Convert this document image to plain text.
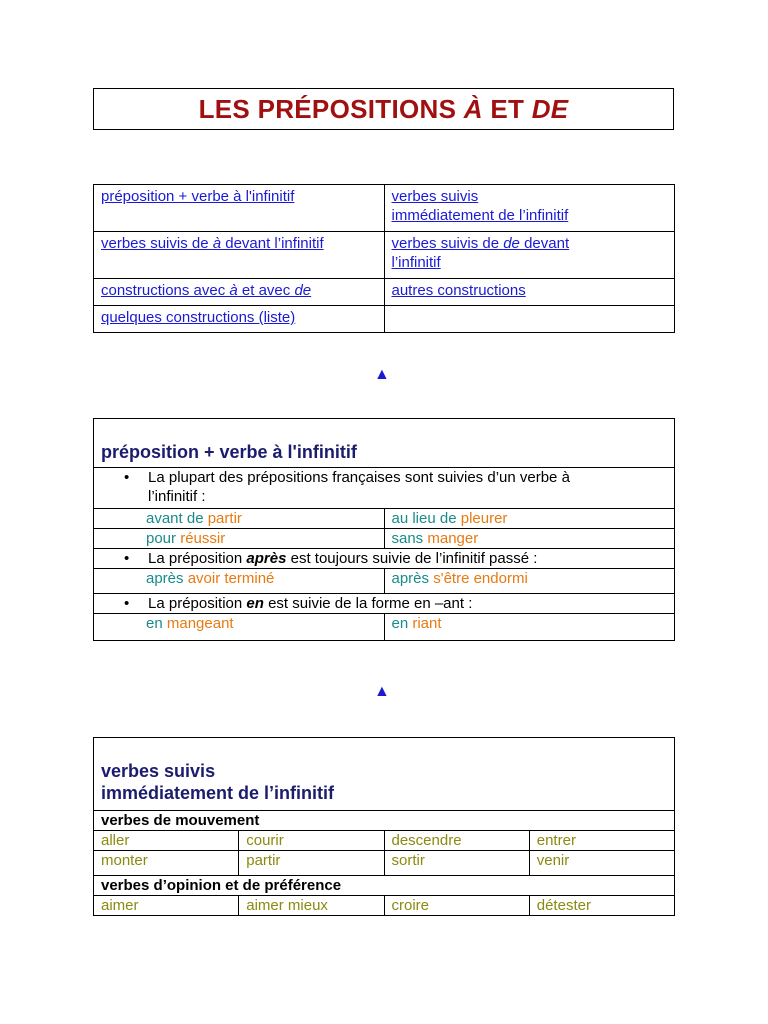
LES PRÉPOSITIONS À ET DE
préposition + verbe à l'infinitif	verbes suivis
immédiatement de l’infinitif
verbes suivis de à devant l’infinitif	verbes suivis de de devant
l’infinitif
constructions avec à et avec de	autres constructions
quelques constructions (liste)	
▲
préposition + verbe à l'infinitif	

• La plupart des prépositions françaises sont suivies d’un verbe à
l’infinitif :	

avant de partir	au lieu de pleurer
pour réussir	sans manger

• La préposition après est toujours suivie de l’infinitif passé :	

après avoir terminé	après s'être endormi

• La préposition en est suivie de la forme en –ant :	

en mangeant	en riant
▲
verbes suivis
immédiatement de l’infinitif			
verbes de mouvement			
aller	courir	descendre	entrer
monter	partir	sortir	venir
verbes d’opinion et de préférence			
aimer	aimer mieux	croire	détester
